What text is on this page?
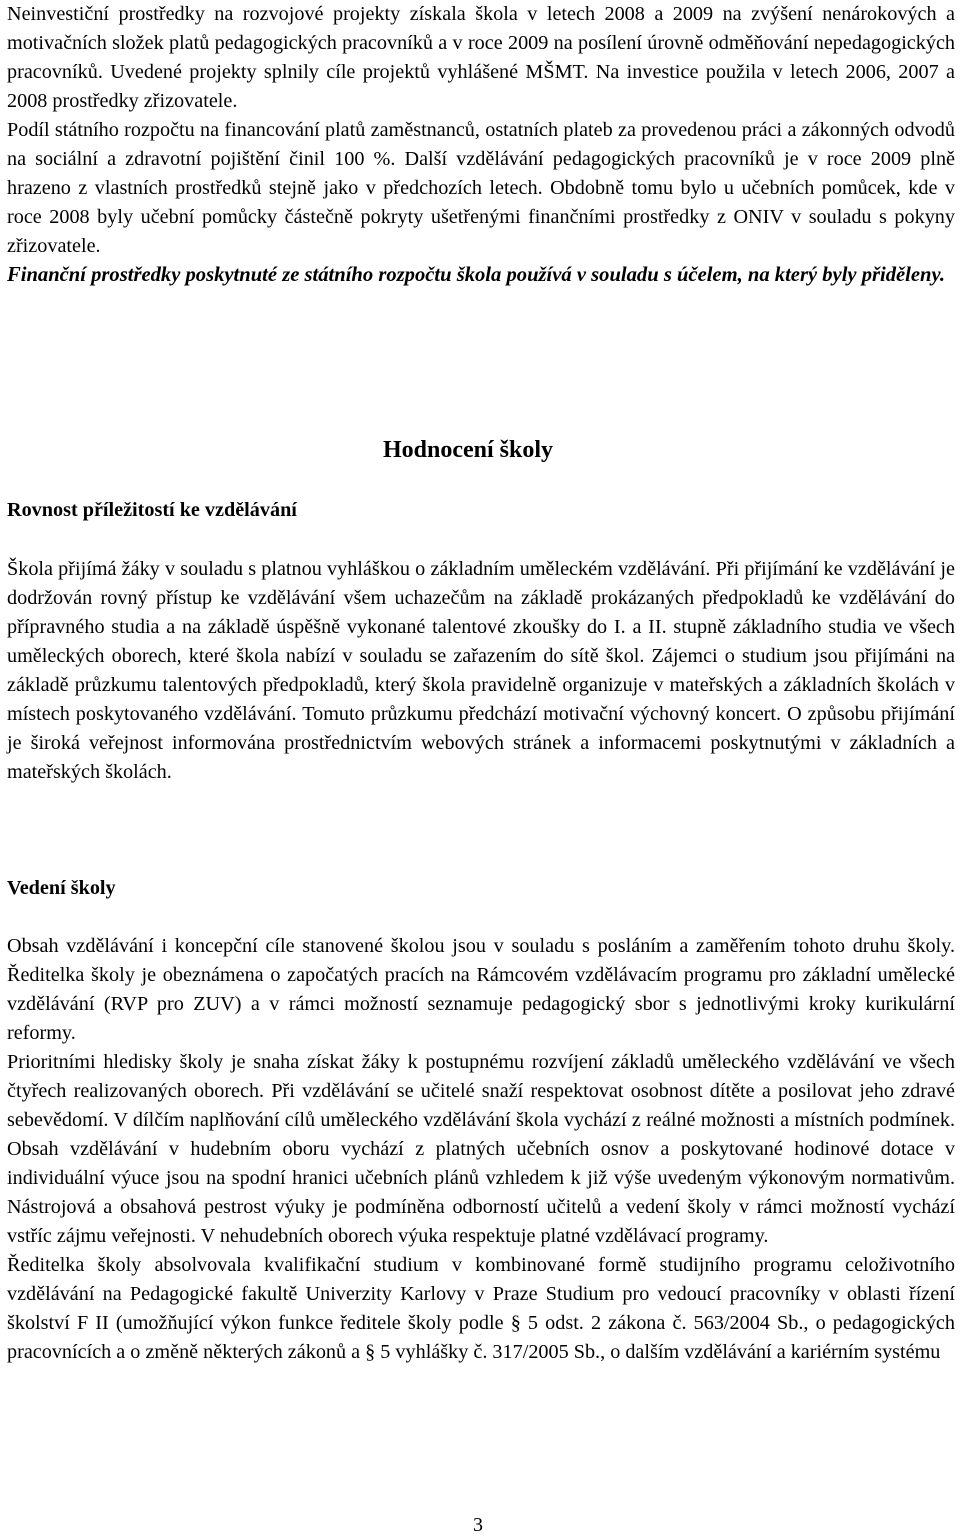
Neinvestiční prostředky na rozvojové projekty získala škola v letech 2008 a 2009 na zvýšení nenárokových a motivačních složek platů pedagogických pracovníků a v roce 2009 na posílení úrovně odměňování nepedagogických pracovníků. Uvedené projekty splnily cíle projektů vyhlášené MŠMT. Na investice použila v letech 2006, 2007 a 2008 prostředky zřizovatele.

Podíl státního rozpočtu na financování platů zaměstnanců, ostatních plateb za provedenou práci a zákonných odvodů na sociální a zdravotní pojištění činil 100 %. Další vzdělávání pedagogických pracovníků je v roce 2009 plně hrazeno z vlastních prostředků stejně jako v předchozích letech. Obdobně tomu bylo u učebních pomůcek, kde v roce 2008 byly učební pomůcky částečně pokryty ušetřenými finančními prostředky z ONIV v souladu s pokyny zřizovatele.

Finanční prostředky poskytnuté ze státního rozpočtu škola používá v souladu s účelem, na který byly přiděleny.

Hodnocení školy
Rovnost příležitostí ke vzdělávání

Škola přijímá žáky v souladu s platnou vyhláškou o základním uměleckém vzdělávání. Při přijímání ke vzdělávání je dodržován rovný přístup ke vzdělávání všem uchazečům na základě prokázaných předpokladů ke vzdělávání do přípravného studia a na základě úspěšně vykonané talentové zkoušky do I. a II. stupně základního studia ve všech uměleckých oborech, které škola nabízí v souladu se zařazením do sítě škol. Zájemci o studium jsou přijímáni na základě průzkumu talentových předpokladů, který škola pravidelně organizuje v mateřských a základních školách v místech poskytovaného vzdělávání. Tomuto průzkumu předchází motivační výchovný koncert. O způsobu přijímání je široká veřejnost informována prostřednictvím webových stránek a informacemi poskytnutými v základních a mateřských školách.

Vedení školy

Obsah vzdělávání i koncepční cíle stanovené školou jsou v souladu s posláním a zaměřením tohoto druhu školy. Ředitelka školy je obeznámena o započatých pracích na Rámcovém vzdělávacím programu pro základní umělecké vzdělávání (RVP pro ZUV) a v rámci možností seznamuje pedagogický sbor s jednotlivými kroky kurikulární reformy.

Prioritními hledisky školy je snaha získat žáky k postupnému rozvíjení základů uměleckého vzdělávání ve všech čtyřech realizovaných oborech. Při vzdělávání se učitelé snaží respektovat osobnost dítěte a posilovat jeho zdravé sebevědomí. V dílčím naplňování cílů uměleckého vzdělávání škola vychází z reálné možnosti a místních podmínek. Obsah vzdělávání v hudebním oboru vychází z platných učebních osnov a poskytované hodinové dotace v individuální výuce jsou na spodní hranici učebních plánů vzhledem k již výše uvedeným výkonovým normativům. Nástrojová a obsahová pestrost výuky je podmíněna odborností učitelů a vedení školy v rámci možností vychází vstříc zájmu veřejnosti. V nehudebních oborech výuka respektuje platné vzdělávací programy.

Ředitelka školy absolvovala kvalifikační studium v kombinované formě studijního programu celoživotního vzdělávání na Pedagogické fakultě Univerzity Karlovy v Praze Studium pro vedoucí pracovníky v oblasti řízení školství F II (umožňující výkon funkce ředitele školy podle § 5 odst. 2 zákona č. 563/2004 Sb., o pedagogických pracovnících a o změně některých zákonů a § 5 vyhlášky č. 317/2005 Sb., o dalším vzdělávání a kariérním systému

3
